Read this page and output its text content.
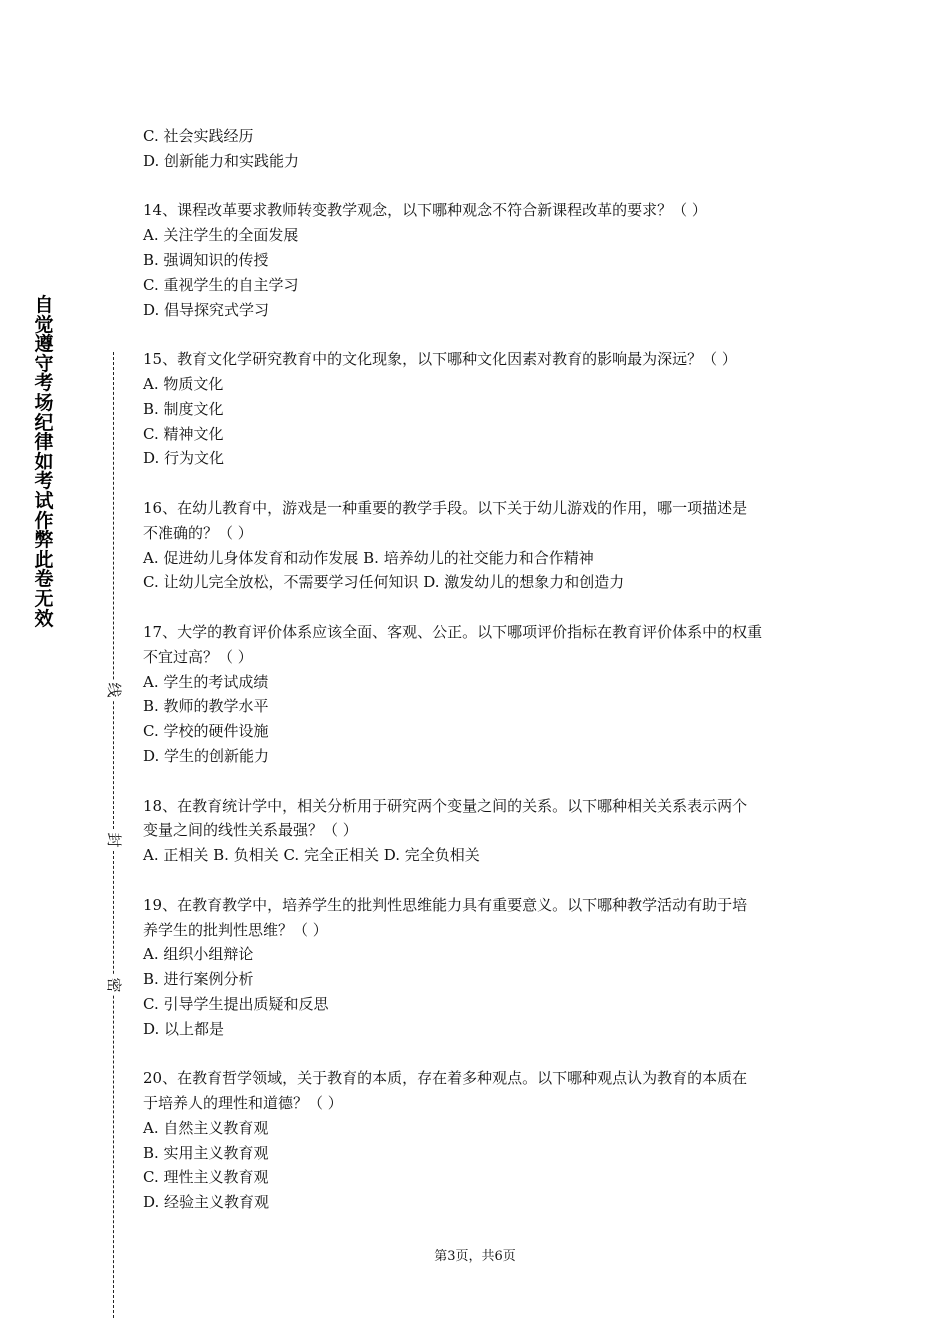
自觉遵守考场纪律如考试作弊此卷无效
线
封
密
C. 社会实践经历
D. 创新能力和实践能力
14、课程改革要求教师转变教学观念，以下哪种观念不符合新课程改革的要求？（ ）
A. 关注学生的全面发展
B. 强调知识的传授
C. 重视学生的自主学习
D. 倡导探究式学习
15、教育文化学研究教育中的文化现象，以下哪种文化因素对教育的影响最为深远？（ ）
A. 物质文化
B. 制度文化
C. 精神文化
D. 行为文化
16、在幼儿教育中，游戏是一种重要的教学手段。以下关于幼儿游戏的作用，哪一项描述是
不准确的？（ ）
A. 促进幼儿身体发育和动作发展 B. 培养幼儿的社交能力和合作精神
C. 让幼儿完全放松，不需要学习任何知识 D. 激发幼儿的想象力和创造力
17、大学的教育评价体系应该全面、客观、公正。以下哪项评价指标在教育评价体系中的权重
不宜过高？（ ）
A. 学生的考试成绩
B. 教师的教学水平
C. 学校的硬件设施
D. 学生的创新能力
18、在教育统计学中，相关分析用于研究两个变量之间的关系。以下哪种相关关系表示两个
变量之间的线性关系最强？（ ）
A. 正相关 B. 负相关 C. 完全正相关 D. 完全负相关
19、在教育教学中，培养学生的批判性思维能力具有重要意义。以下哪种教学活动有助于培
养学生的批判性思维？（ ）
A. 组织小组辩论
B. 进行案例分析
C. 引导学生提出质疑和反思
D. 以上都是
20、在教育哲学领域，关于教育的本质，存在着多种观点。以下哪种观点认为教育的本质在
于培养人的理性和道德？（ ）
A. 自然主义教育观
B. 实用主义教育观
C. 理性主义教育观
D. 经验主义教育观
第3页，共6页
